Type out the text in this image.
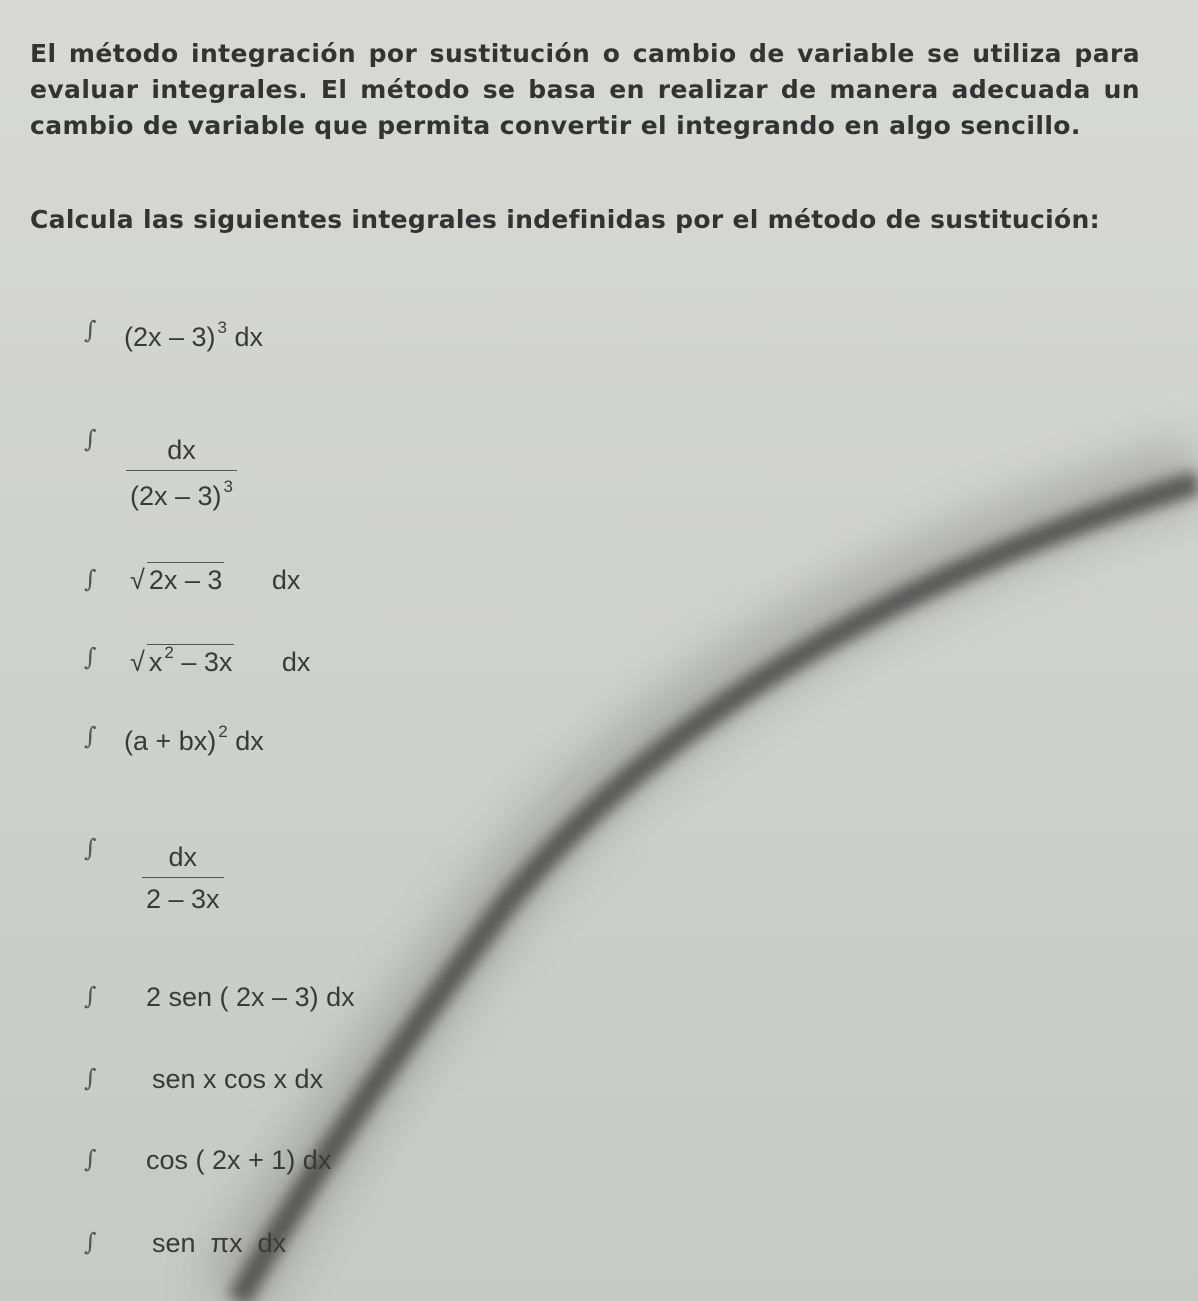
El método integración por sustitución o cambio de variable se utiliza para evaluar integrales. El método se basa en realizar de manera adecuada un cambio de variable que permita convertir el integrando en algo sencillo.
Calcula las siguientes integrales indefinidas por el método de sustitución:
∫ (2x – 3) $^3$ dx
∫ $\frac{dx}{(2x - 3) ^3}$
∫ √ 2x – 3 dx
∫ √ x $^2$ – 3x dx
∫ (a + bx) $^2$ dx
∫ $\frac{dx}{2 - 3x}$
∫ 2 sen ( 2x – 3) dx
∫ sen x cos x dx
∫ cos ( 2x + 1) dx
∫ sen  πx  dx
